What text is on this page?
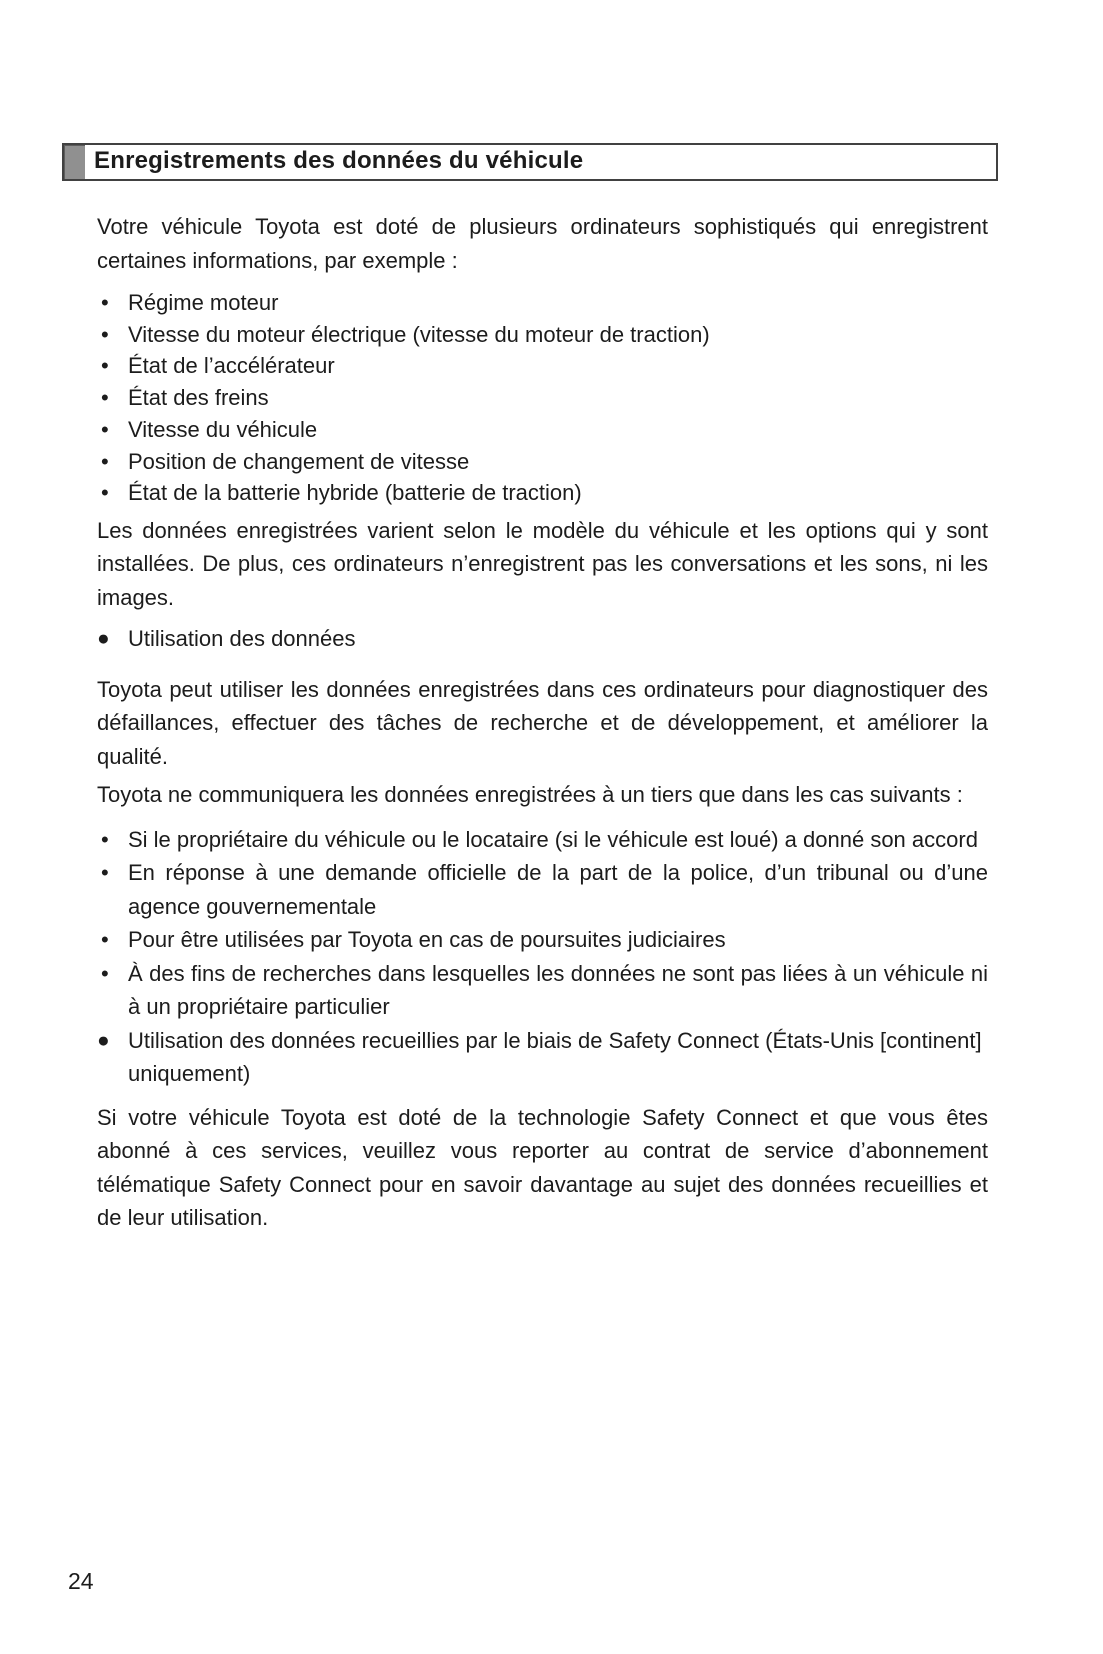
Enregistrements des données du véhicule
Votre véhicule Toyota est doté de plusieurs ordinateurs sophistiqués qui enregistrent certaines informations, par exemple :
• Régime moteur
• Vitesse du moteur électrique (vitesse du moteur de traction)
• État de l’accélérateur
• État des freins
• Vitesse du véhicule
• Position de changement de vitesse
• État de la batterie hybride (batterie de traction)
Les données enregistrées varient selon le modèle du véhicule et les options qui y sont installées. De plus, ces ordinateurs n’enregistrent pas les conversations et les sons, ni les images.
● Utilisation des données
Toyota peut utiliser les données enregistrées dans ces ordinateurs pour diagnostiquer des défaillances, effectuer des tâches de recherche et de développement, et améliorer la qualité.
Toyota ne communiquera les données enregistrées à un tiers que dans les cas suivants :
• Si le propriétaire du véhicule ou le locataire (si le véhicule est loué) a donné son accord
• En réponse à une demande officielle de la part de la police, d’un tribunal ou d’une agence gouvernementale
• Pour être utilisées par Toyota en cas de poursuites judiciaires
• À des fins de recherches dans lesquelles les données ne sont pas liées à un véhicule ni à un propriétaire particulier
● Utilisation des données recueillies par le biais de Safety Connect (États-Unis [continent] uniquement)
Si votre véhicule Toyota est doté de la technologie Safety Connect et que vous êtes abonné à ces services, veuillez vous reporter au contrat de service d’abonnement télématique Safety Connect pour en savoir davantage au sujet des données recueillies et de leur utilisation.
24
